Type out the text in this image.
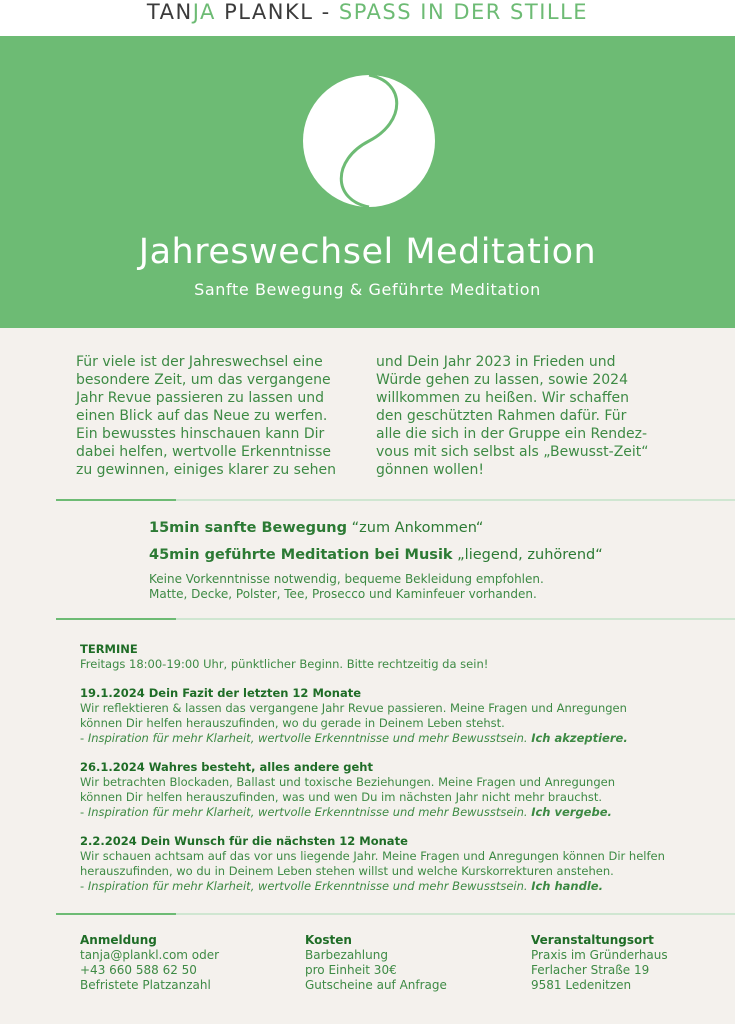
TANJA PLANKL - SPASS IN DER STILLE
Jahreswechsel Meditation
Sanfte Bewegung & Geführte Meditation
Für viele ist der Jahreswechsel eine
besondere Zeit, um das vergangene
Jahr Revue passieren zu lassen und
einen Blick auf das Neue zu werfen.
Ein bewusstes hinschauen kann Dir
dabei helfen, wertvolle Erkenntnisse
zu gewinnen, einiges klarer zu sehen
und Dein Jahr 2023 in Frieden und
Würde gehen zu lassen, sowie 2024
willkommen zu heißen. Wir schaffen
den geschützten Rahmen dafür. Für
alle die sich in der Gruppe ein Rendez-
vous mit sich selbst als „Bewusst-Zeit“
gönnen wollen!
15min sanfte Bewegung “zum Ankommen“
45min geführte Meditation bei Musik „liegend, zuhörend“
Keine Vorkenntnisse notwendig, bequeme Bekleidung empfohlen.
Matte, Decke, Polster, Tee, Prosecco und Kaminfeuer vorhanden.
TERMINE
Freitags 18:00-19:00 Uhr, pünktlicher Beginn. Bitte rechtzeitig da sein!
19.1.2024 Dein Fazit der letzten 12 Monate
Wir reflektieren & lassen das vergangene Jahr Revue passieren. Meine Fragen und Anregungen
können Dir helfen herauszufinden, wo du gerade in Deinem Leben stehst.
- Inspiration für mehr Klarheit, wertvolle Erkenntnisse und mehr Bewusstsein. Ich akzeptiere.
26.1.2024 Wahres besteht, alles andere geht
Wir betrachten Blockaden, Ballast und toxische Beziehungen. Meine Fragen und Anregungen
können Dir helfen herauszufinden, was und wen Du im nächsten Jahr nicht mehr brauchst.
- Inspiration für mehr Klarheit, wertvolle Erkenntnisse und mehr Bewusstsein. Ich vergebe.
2.2.2024 Dein Wunsch für die nächsten 12 Monate
Wir schauen achtsam auf das vor uns liegende Jahr. Meine Fragen und Anregungen können Dir helfen
herauszufinden, wo du in Deinem Leben stehen willst und welche Kurskorrekturen anstehen.
- Inspiration für mehr Klarheit, wertvolle Erkenntnisse und mehr Bewusstsein. Ich handle.
Anmeldung
tanja@plankl.com oder
+43 660 588 62 50
Befristete Platzanzahl
Kosten
Barbezahlung
pro Einheit 30€
Gutscheine auf Anfrage
Veranstaltungsort
Praxis im Gründerhaus
Ferlacher Straße 19
9581 Ledenitzen
